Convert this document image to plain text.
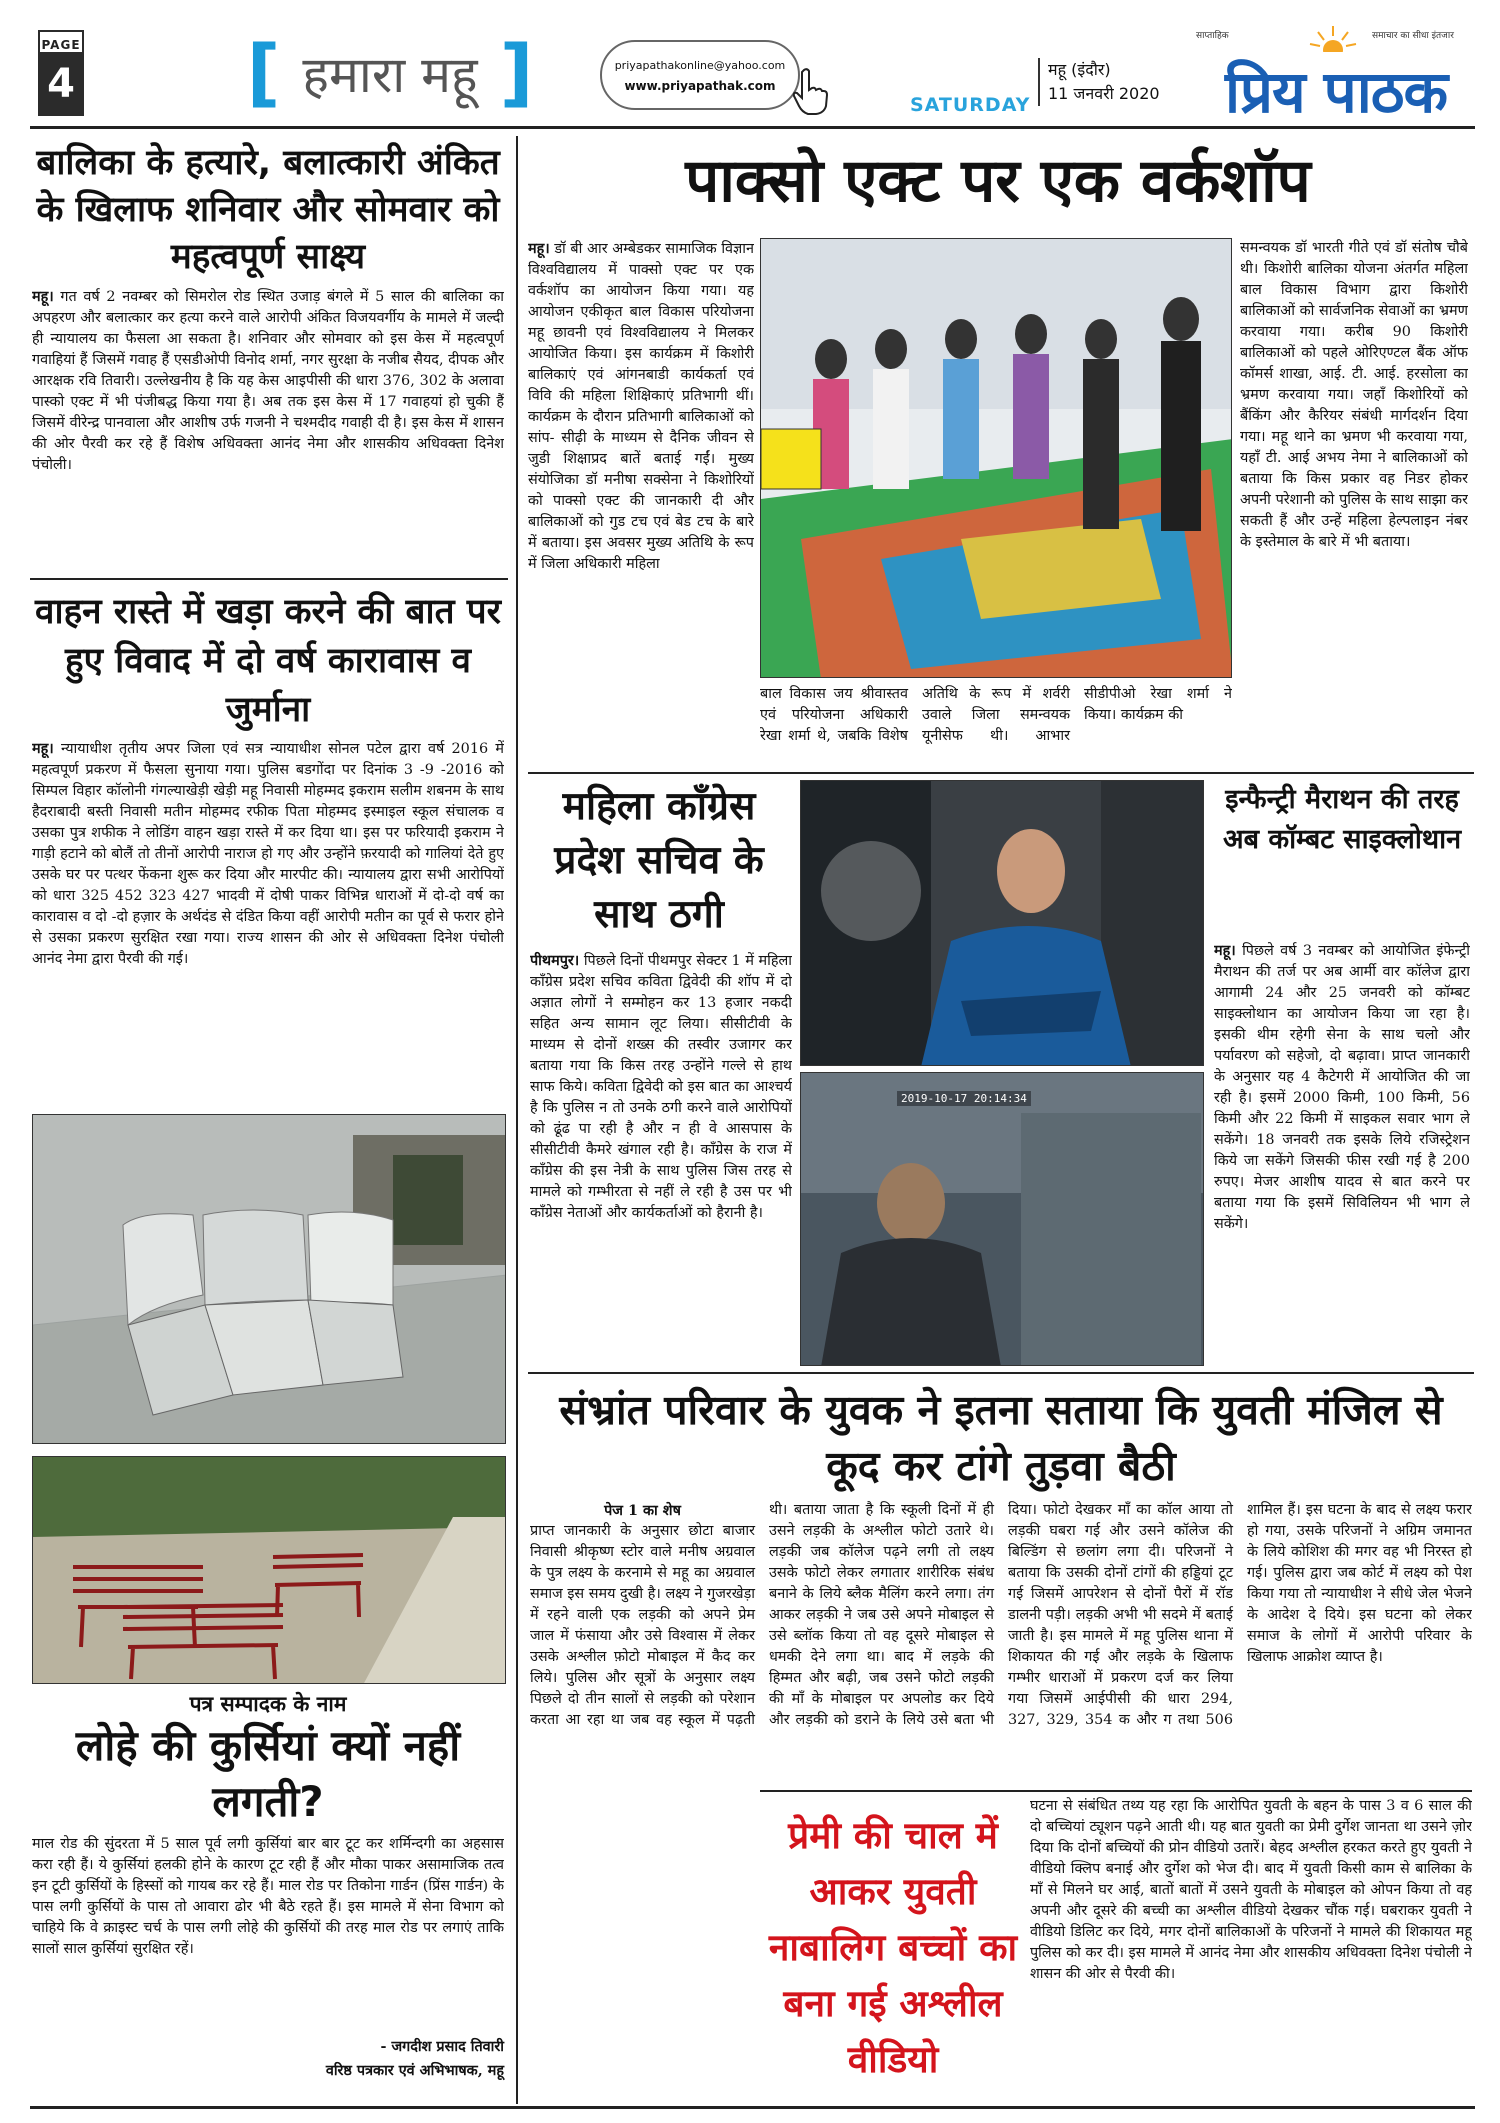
PAGE
4 [ हमारा महू ]	priyapathakonline@yahoo.com
www.priyapathak.com
SATURDAY
महू (इंदौर)
11 जनवरी 2020
साप्ताहिक	समाचार का सीधा इंतजार
प्रिय पाठक
बालिका के हत्यारे, बलात्कारी अंकित के खिलाफ शनिवार और सोमवार को महत्वपूर्ण साक्ष्य
महू। गत वर्ष 2 नवम्बर को सिमरोल रोड स्थित उजाड़ बंगले में 5 साल की बालिका का अपहरण और बलात्कार कर हत्या करने वाले आरोपी अंकित विजयवर्गीय के मामले में जल्दी ही न्यायालय का फैसला आ सकता है। शनिवार और सोमवार को इस केस में महत्वपूर्ण गवाहियां हैं जिसमें गवाह हैं एसडीओपी विनोद शर्मा, नगर सुरक्षा के नजीब सैयद, दीपक और आरक्षक रवि तिवारी। उल्लेखनीय है कि यह केस आइपीसी की धारा 376, 302 के अलावा पास्को एक्ट में भी पंजीबद्ध किया गया है। अब तक इस केस में 17 गवाहयां हो चुकी हैं जिसमें वीरेन्द्र पानवाला और आशीष उर्फ गजनी ने चश्मदीद गवाही दी है। इस केस में शासन की ओर पैरवी कर रहे हैं विशेष अधिवक्ता आनंद नेमा और शासकीय अधिवक्ता दिनेश पंचोली।
वाहन रास्ते में खड़ा करने की बात पर हुए विवाद में दो वर्ष कारावास व जुर्माना
महू। न्यायाधीश तृतीय अपर जिला एवं सत्र न्यायाधीश सोनल पटेल द्वारा वर्ष 2016 में महत्वपूर्ण प्रकरण में फैसला सुनाया गया। पुलिस बडगोंदा पर दिनांक 3 -9 -2016 को सिम्पल विहार कॉलोनी गंगल्याखेड़ी खेड़ी महू निवासी मोहम्मद इकराम सलीम शबनम के साथ हैदराबादी बस्ती निवासी मतीन मोहम्मद रफीक पिता मोहम्मद इस्माइल स्कूल संचालक व उसका पुत्र शफीक ने लोडिंग वाहन खड़ा रास्ते में कर दिया था। इस पर फरियादी इकराम ने गाड़ी हटाने को बोलैं तो तीनों आरोपी नाराज हो गए और उन्होंने फ़रयादी को गालियां देते हुए उसके घर पर पत्थर फेंकना शुरू कर दिया और मारपीट की। न्यायालय द्वारा सभी आरोपियों को धारा 325 452 323 427 भादवी में दोषी पाकर विभिन्न धाराओं में दो-दो वर्ष का कारावास व दो -दो हज़ार के अर्थदंड से दंडित किया वहीं आरोपी मतीन का पूर्व से फरार होने से उसका प्रकरण सुरक्षित रखा गया। राज्य शासन की ओर से अधिवक्ता दिनेश पंचोली आनंद नेमा द्वारा पैरवी की गई।
पत्र सम्पादक के नाम
लोहे की कुर्सियां क्यों नहीं लगती?
माल रोड की सुंदरता में 5 साल पूर्व लगी कुर्सियां बार बार टूट कर शर्मिन्दगी का अहसास करा रही हैं। ये कुर्सियां हलकी होने के कारण टूट रही हैं और मौका पाकर असामाजिक तत्व इन टूटी कुर्सियों के हिस्सों को गायब कर रहे हैं। माल रोड पर तिकोना गार्डन (प्रिंस गार्डन) के पास लगी कुर्सियों के पास तो आवारा ढोर भी बैठे रहते हैं। इस मामले में सेना विभाग को चाहिये कि वे क्राइस्ट चर्च के पास लगी लोहे की कुर्सियों की तरह माल रोड पर लगाएं ताकि सालों साल कुर्सियां सुरक्षित रहें।
- जगदीश प्रसाद तिवारी
वरिष्ठ पत्रकार एवं अभिभाषक, महू
पाक्सो एक्ट पर एक वर्कशॉप
महू। डॉ बी आर अम्बेडकर सामाजिक विज्ञान विश्वविद्यालय में पाक्सो एक्ट पर एक वर्कशॉप का आयोजन किया गया। यह आयोजन एकीकृत बाल विकास परियोजना महू छावनी एवं विश्वविद्यालय ने मिलकर आयोजित किया। इस कार्यक्रम में किशोरी बालिकाएं एवं आंगनबाडी कार्यकर्ता एवं विवि की महिला शिक्षिकाएं प्रतिभागी थीं। कार्यक्रम के दौरान प्रतिभागी बालिकाओं को सांप- सीढ़ी के माध्यम से दैनिक जीवन से जुडी शिक्षाप्रद बातें बताई गईं। मुख्य संयोजिका डॉ मनीषा सक्सेना ने किशोरियों को पाक्सो एक्ट की जानकारी दी और बालिकाओं को गुड टच एवं बेड टच के बारे में बताया। इस अवसर मुख्य अतिथि के रूप में जिला अधिकारी महिला
बाल विकास जय श्रीवास्तव एवं परियोजना अधिकारी रेखा शर्मा थे, जबकि विशेष अतिथि के रूप में शर्वरी उवाले जिला समन्वयक यूनीसेफ थी। आभार सीडीपीओ रेखा शर्मा ने किया। कार्यक्रम की
समन्वयक डॉ भारती गीते एवं डॉ संतोष चौबे थी। किशोरी बालिका योजना अंतर्गत महिला बाल विकास विभाग द्वारा किशोरी बालिकाओं को सार्वजनिक सेवाओं का भ्रमण करवाया गया। करीब 90 किशोरी बालिकाओं को पहले ओरिएण्टल बैंक ऑफ कॉमर्स शाखा, आई. टी. आई. हरसोला का भ्रमण करवाया गया। जहाँ किशोरियों को बैंकिंग और कैरियर संबंधी मार्गदर्शन दिया गया। महू थाने का भ्रमण भी करवाया गया, यहाँ टी. आई अभय नेमा ने बालिकाओं को बताया कि किस प्रकार वह निडर होकर अपनी परेशानी को पुलिस के साथ साझा कर सकती हैं और उन्हें महिला हेल्पलाइन नंबर के इस्तेमाल के बारे में भी बताया।
महिला कॉंग्रेस प्रदेश सचिव के साथ ठगी
पीथमपुर। पिछले दिनों पीथमपुर सेक्टर 1 में महिला कॉंग्रेस प्रदेश सचिव कविता द्विवेदी की शॉप में दो अज्ञात लोगों ने सम्मोहन कर 13 हजार नकदी सहित अन्य सामान लूट लिया। सीसीटीवी के माध्यम से दोनों शख्स की तस्वीर उजागर कर बताया गया कि किस तरह उन्होंने गल्ले से हाथ साफ किये। कविता द्विवेदी को इस बात का आश्चर्य है कि पुलिस न तो उनके ठगी करने वाले आरोपियों को ढूंढ पा रही है और न ही वे आसपास के सीसीटीवी कैमरे खंगाल रही है। कॉंग्रेस के राज में कॉंग्रेस की इस नेत्री के साथ पुलिस जिस तरह से मामले को गम्भीरता से नहीं ले रही है उस पर भी कॉंग्रेस नेताओं और कार्यकर्ताओं को हैरानी है।
2019-10-17 20:14:34
इन्फैन्ट्री मैराथन की तरह अब कॉम्बट साइक्लोथान
महू। पिछले वर्ष 3 नवम्बर को आयोजित इंफेन्ट्री मैराथन की तर्ज पर अब आर्मी वार कॉलेज द्वारा आगामी 24 और 25 जनवरी को कॉम्बट साइक्लोथान का आयोजन किया जा रहा है। इसकी थीम रहेगी सेना के साथ चलो और पर्यावरण को सहेजो, दो बढ़ावा। प्राप्त जानकारी के अनुसार यह 4 कैटेगरी में आयोजित की जा रही है। इसमें 2000 किमी, 100 किमी, 56 किमी और 22 किमी में साइकल सवार भाग ले सकेंगे। 18 जनवरी तक इसके लिये रजिस्ट्रेशन किये जा सकेंगे जिसकी फीस रखी गई है 200 रुपए। मेजर आशीष यादव से बात करने पर बताया गया कि इसमें सिविलियन भी भाग ले सकेंगे।
संभ्रांत परिवार के युवक ने इतना सताया कि युवती मंजिल से कूद कर टांगे तुड़वा बैठी
पेज 1 का शेष
प्राप्त जानकारी के अनुसार छोटा बाजार निवासी श्रीकृष्ण स्टोर वाले मनीष अग्रवाल के पुत्र लक्ष्य के करनामे से महू का अग्रवाल समाज इस समय दुखी है। लक्ष्य ने गुजरखेड़ा में रहने वाली एक लड़की को अपने प्रेम जाल में फंसाया और उसे विश्वास में लेकर उसके अश्लील फ़ोटो मोबाइल में कैद कर लिये। पुलिस और सूत्रों के अनुसार लक्ष्य पिछले दो तीन सालों से लड़की को परेशान करता आ रहा था जब वह स्कूल में पढ़ती थी। बताया जाता है कि स्कूली दिनों में ही उसने लड़की के अश्लील फोटो उतारे थे। लड़की जब कॉलेज पढ़ने लगी तो लक्ष्य उसके फोटो लेकर लगातार शारीरिक संबंध बनाने के लिये ब्लैक मैलिंग करने लगा। तंग आकर लड़की ने जब उसे अपने मोबाइल से उसे ब्लॉक किया तो वह दूसरे मोबाइल से धमकी देने लगा था। बाद में लड़के की हिम्मत और बढ़ी, जब उसने फोटो लड़की की माँ के मोबाइल पर अपलोड कर दिये और लड़की को डराने के लिये उसे बता भी दिया। फोटो देखकर माँ का कॉल आया तो लड़की घबरा गई और उसने कॉलेज की बिल्डिंग से छलांग लगा दी। परिजनों ने बताया कि उसकी दोनों टांगों की हड्डियां टूट गई जिसमें आपरेशन से दोनों पैरों में रॉड डालनी पड़ी। लड़की अभी भी सदमे में बताई जाती है। इस मामले में महू पुलिस थाना में शिकायत की गई और लड़के के खिलाफ गम्भीर धाराओं में प्रकरण दर्ज कर लिया गया जिसमें आईपीसी की धारा 294, 327, 329, 354 क और ग तथा 506 शामिल हैं। इस घटना के बाद से लक्ष्य फरार हो गया, उसके परिजनों ने अग्रिम जमानत के लिये कोशिश की मगर वह भी निरस्त हो गई। पुलिस द्वारा जब कोर्ट में लक्ष्य को पेश किया गया तो न्यायाधीश ने सीधे जेल भेजने के आदेश दे दिये। इस घटना को लेकर समाज के लोगों में आरोपी परिवार के खिलाफ आक्रोश व्याप्त है।
प्रेमी की चाल में आकर युवती नाबालिग बच्चों का बना गई अश्लील वीडियो
घटना से संबंधित तथ्य यह रहा कि आरोपित युवती के बहन के पास 3 व 6 साल की दो बच्चियां ट्यूशन पढ़ने आती थी। यह बात युवती का प्रेमी दुर्गेश जानता था उसने ज़ोर दिया कि दोनों बच्चियों की प्रोन वीडियो उतारें। बेहद अश्लील हरकत करते हुए युवती ने वीडियो क्लिप बनाई और दुर्गेश को भेज दी। बाद में युवती किसी काम से बालिका के माँ से मिलने घर आई, बातों बातों में उसने युवती के मोबाइल को ओपन किया तो वह अपनी और दूसरे की बच्ची का अश्लील वीडियो देखकर चौंक गई। घबराकर युवती ने वीडियो डिलिट कर दिये, मगर दोनों बालिकाओं के परिजनों ने मामले की शिकायत महू पुलिस को कर दी। इस मामले में आनंद नेमा और शासकीय अधिवक्ता दिनेश पंचोली ने शासन की ओर से पैरवी की।
